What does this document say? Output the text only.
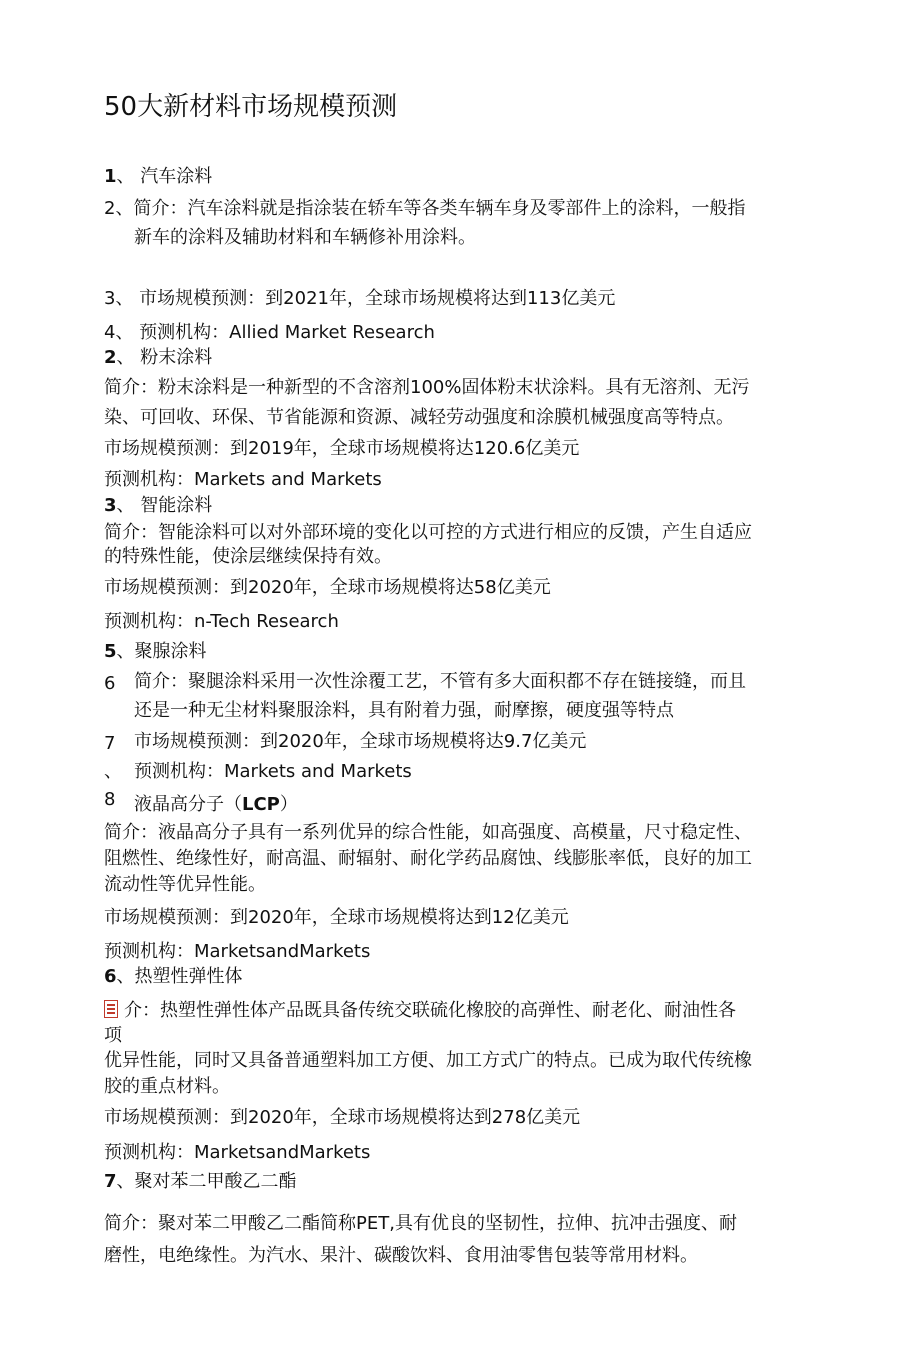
50大新材料市场规模预测
1、 汽车涂料
2、简介：汽车涂料就是指涂装在轿车等各类车辆车身及零部件上的涂料，一般指
新车的涂料及辅助材料和车辆修补用涂料。
3、 市场规模预测：到2021年，全球市场规模将达到113亿美元
4、 预测机构：Allied Market Research
2、 粉末涂料
简介：粉末涂料是一种新型的不含溶剂100%固体粉末状涂料。具有无溶剂、无污
染、可回收、环保、节省能源和资源、减轻劳动强度和涂膜机械强度高等特点。
市场规模预测：到2019年，全球市场规模将达120.6亿美元
预测机构：Markets and Markets
3、 智能涂料
简介：智能涂料可以对外部环境的变化以可控的方式进行相应的反馈，产生自适应
的特殊性能，使涂层继续保持有效。
市场规模预测：到2020年，全球市场规模将达58亿美元
预测机构：n-Tech Research
5、聚腺涂料
6 简介：聚腿涂料采用一次性涂覆工艺，不管有多大面积都不存在链接缝，而且
还是一种无尘材料聚服涂料，具有附着力强，耐摩擦，硬度强等特点
7 市场规模预测：到2020年，全球市场规模将达9.7亿美元
、 预测机构：Markets and Markets
8 液晶高分子（LCP）
简介：液晶高分子具有一系列优异的综合性能，如高强度、高模量，尺寸稳定性、
阻燃性、绝缘性好，耐高温、耐辐射、耐化学药品腐蚀、线膨胀率低，良好的加工
流动性等优异性能。
市场规模预测：到2020年，全球市场规模将达到12亿美元
预测机构：MarketsandMarkets
6、热塑性弹性体
介：热塑性弹性体产品既具备传统交联硫化橡胶的高弹性、耐老化、耐油性各
项
优异性能，同时又具备普通塑料加工方便、加工方式广的特点。已成为取代传统橡
胶的重点材料。
市场规模预测：到2020年，全球市场规模将达到278亿美元
预测机构：MarketsandMarkets
7、聚对苯二甲酸乙二酯
简介：聚对苯二甲酸乙二酯简称PET,具有优良的坚韧性，拉伸、抗冲击强度、耐
磨性，电绝缘性。为汽水、果汁、碳酸饮料、食用油零售包装等常用材料。
